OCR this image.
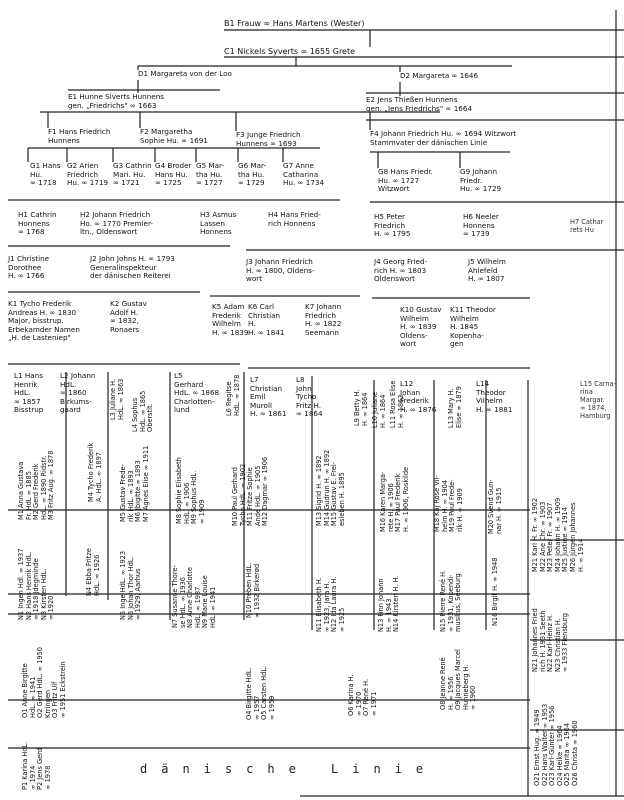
B1 Frauw ∞ Hans Martens (Wester)
C1 Nickels Syverts ∞ 1655 Grete
D1 Margareta von der Loo	D2 Margareta ∞ 1646
E1 Hunne Siverts Hunnens
gen. „Friedrichs" ∞ 1663
E2 Jens Thießen Hunnens
gen. „Jens Friedrichs" ∞ 1664
F1 Hans Friedrich
Hunnens
F2 Margaretha
Sophie Hu. ∞ 1691
F3 Junge Friedrich
Hunnens ∞ 1693
F4 Johann Friedrich Hu. ∞ 1694 Witzwort
Stammvater der dänischen Linie
G1 Hans
Hu.
∞ 1718
G2 Arien
Friedrich
Hu. ∞ 1719
G3 Cathrin
Mari. Hu.
∞ 1721
G4 Broder
Hans Hu.
∞ 1725
G5 Mar-
tha Hu.
∞ 1727
G6 Mar-
tha Hu.
∞ 1729
G7 Anne
Catharina
Hu. ∞ 1734
G8 Hans Friedr.
Hu. ∞ 1727
Witzwort
G9 Johann
Friedr.
Hu. ∞ 1729
H1 Cathrin
Honnens
∞ 1768
H2 Johann Friedrich
Ho. ∞ 1770 Premier-
ltn., Oldenswort
H3 Asmus
Lassen
Honnens
H4 Hans Fried-
rich Honnens
H5 Peter
Friedrich
H. ∞ 1795
H6 Neeler
Honnens
∞ 1739
J1 Christine
Dorothee
H. ∞ 1766
J2 John Johns H. ∞ 1793
Generalinspekteur
der dänischen Reiterei
J3 Johann Friedrich
H. ∞ 1800, Oldens-
wort
J4 Georg Fried-
rich H. ∞ 1803
Oldenswort
J5 Wilhelm
Ahlefeld
H. ∞ 1807
K1 Tycho Frederik
Andreas H. ∞ 1830
Major, bisstrup.
Erbekamder Namen
„H. de Lasteniep"
K2 Gustav
Adolf H.
∞ 1832,
Ronaers
K5 Adam
Frederik
Wilhelm
H. ∞ 1839
K6 Carl
Christian
H.
H. ∞ 1841
K7 Johann
Friedrich
H. ∞ 1822
Seemann
K10 Gustav
Wilhelm
H. ∞ 1839
Oldens-
wort
K11 Theodor
Wilhelm
H. 1845
Kopenha-
gen
L1 Hans
Henrik
HdL.
∞ 1857
Bisstrup
L2 Johann
HdL.
∞ 1860
Birkums-
gaard
L5
Gerhard
HdL. ∞ 1868
Charlotten-
lund
L7
Christian
Emil
Muroll
H. ∞ 1861
L8
John
Tycho
Fritz H.
∞ 1864
L12
Johan
Frederik
H. ∞ 1876
L14
Theodor
Vilhelm
H. ∞ 1881
L3 Juliane H.
HdL. ∞ 1863
L4 Sophus
HdL. ∞ 1865
Oberstlt.	L6 Regitse
HdL. ∞ 1878
L9 Betty H.
H. ∞ 1864
L10 Juliane
H. ∞ 1864
L11 Rosa Elise
H. ∞ 1862
L13 Mary H.
Elise ∞ 1879
M1 Anna Gustava
Fr. HdL ∞ 1885
M2 Gerd Frederik
HdL. ∞ 1890 Ridstr.
M3 Fritz Aug. ∞ 1878
M4 Tycho Frederik
A. HdL. ∞ 1897
M5 Gustav Frede-
rik HdL. ∞ 1893
M6 Jbigitte ∞ 1893
M7 Agnes Elise ∞ 1911
M8 Sophie Elisabeth
HdL. ∞ 1906
M9 Sophus HdL.
∞ 1909
M10 Paul Gerhard
Tycho HdL. ∞ 1902
M11 Fritze Sophie
Ande HdL. ∞ 1905
M12 Dagmar ∞ 1906
M13 Sigrid H. ∞ 1892
M14 Gudrun H. ∞ 1892
M15 Gustav E. Frei-
esleben H. 1895
M16 Karen Marga-
rete H. ∞ 1906
M17 Paul Frederik
H. ∞ 1906, Roskilde
M18 Kaj Rose Vil-
helm H. ∞ 1904
M19 Poul Frede-
rik H. ∞ 1909
M20 Svend Gun-
nar H. ∞ 1915
M21 Karl H. Fr. ∞ 1902
M22 Ane Chr. ∞ 1903
M23 Peter Fr. ∞ 1907
M24 Johann H. ∞ 1909
M25 Justine ∞ 1914
M26 Jürgen Johannes
H. ∞ 1914
N1 Ingen Hdl. ∞ 1937
N2 Hans Henrik HdL.
∞ 1918 Jdegminde
N3 Kirsten HdL.
∞ 1920
N4 Ebba Fritze
HdL. ∞ 1926
N5 Inge HdL. ∞ 1923
N6 Johan Thor HdL.
∞ 1929, Aarhus
N7 Susanne Thore-
se HdL. ∞ 1936
N8 Anne Charlotte
HdL. ∞ 1937
N9 Marie Louise
HdL. ∞ 1941
N10 Preben HdL.
∞ 1932 Birkerød
N11 Elisabeth H.
∞ 1923, Jara H.
N12 Ida Laura H.
∞ 1925
N13 Finn Johann
H. ∞ 1943
N14 Kirsten H. H.
N15 Pierre René H.
∞ 1931, Kopendi-
musikus, Seeburg	N16 Birgit H. ∞ 1948
N21 Johannes Fried
rich H. 1931 Seeth
N22 Karl-Heinz H.
N23 Christian H.
∞ 1933 Flensburg
O1 Anne Birgitte
HdL. ∞ 1941
O2 Gerd HdL. ∞ 1950
Krringen
O3 Fritz Ulf
∞ 1951 Eckstrein
O4 Birgitte HdL.
∞ 1957
O5 Carsten HdL.
∞ 1959	O6 Karina H.
∞ 1970
O7 René H.
∞ 1971	O8 Jeanne René
H. ∞ 1956
O9 Jacques Marcel
Hunneberg H.
∞ 1960
O21 Ernst Hug. ∞ 1949
O22 Hans Walter ∞ 1953
O23 Karl-Günter ∞ 1956
O24 Heike ∞ 1964
O25 Marita ∞ 1964
O26 Christa ∞ 1960
P1 Karina HdL.
∞ 1974
P2 Jens Gerd
∞ 1978
H7 Cathar
rets Hu
L15 Carna-
rina
Margar.
∞ 1874,
Hamburg
dänische Linie
